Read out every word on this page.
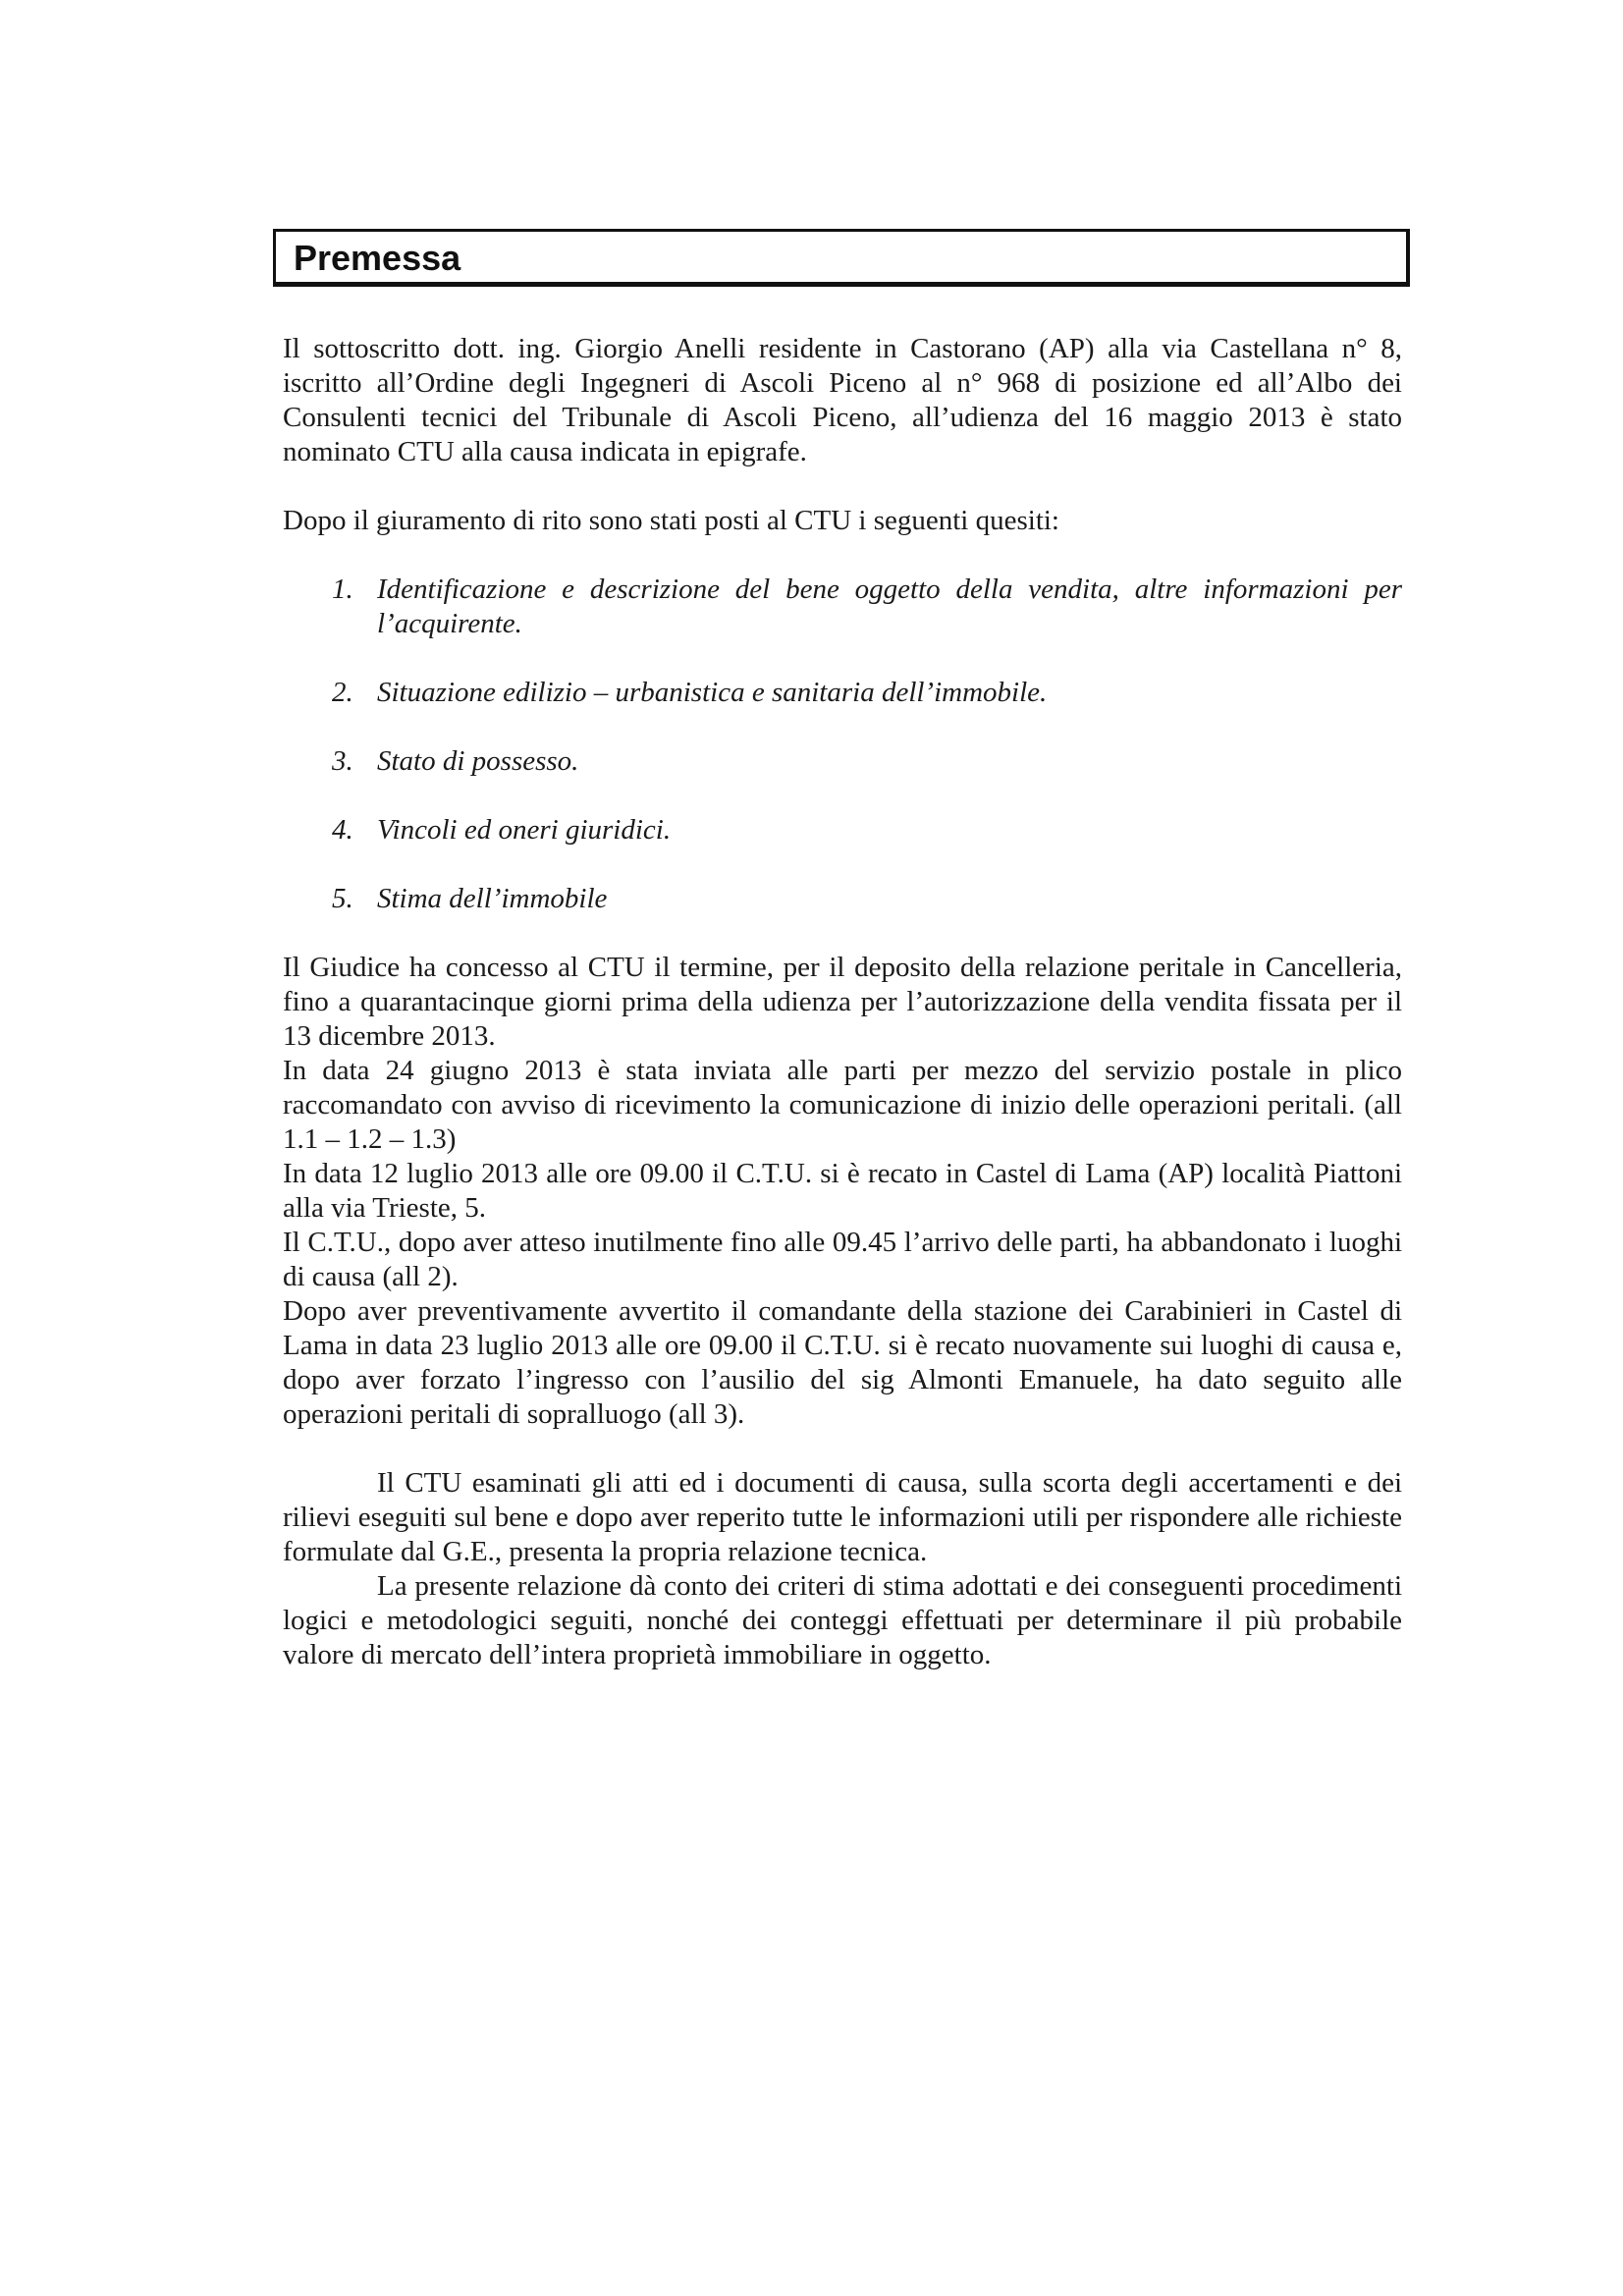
Premessa

Il sottoscritto dott. ing. Giorgio Anelli residente in Castorano (AP) alla via Castellana n° 8, iscritto all’Ordine degli Ingegneri di Ascoli Piceno al n° 968 di posizione ed all’Albo dei Consulenti tecnici del Tribunale di Ascoli Piceno, all’udienza del 16 maggio 2013 è stato nominato CTU alla causa indicata in epigrafe.

Dopo il giuramento di rito sono stati posti al CTU i seguenti quesiti:

1. Identificazione e descrizione del bene oggetto della vendita, altre informazioni per l’acquirente.
2. Situazione edilizio – urbanistica e sanitaria dell’immobile.
3. Stato di possesso.
4. Vincoli ed oneri giuridici.
5. Stima dell’immobile

Il Giudice ha concesso al CTU il termine, per il deposito della relazione peritale in Cancelleria, fino a quarantacinque giorni prima della udienza per l’autorizzazione della vendita fissata per il 13 dicembre 2013.

In data 24 giugno 2013 è stata inviata alle parti per mezzo del servizio postale in plico raccomandato con avviso di ricevimento la comunicazione di inizio delle operazioni peritali. (all 1.1 – 1.2 – 1.3)

In data 12 luglio 2013 alle ore 09.00 il C.T.U. si è recato in Castel di Lama (AP) località Piattoni alla via Trieste, 5.

Il C.T.U., dopo aver atteso inutilmente fino alle 09.45 l’arrivo delle parti, ha abbandonato i luoghi di causa (all 2).

Dopo aver preventivamente avvertito il comandante della stazione dei Carabinieri in Castel di Lama in data 23 luglio 2013 alle ore 09.00 il C.T.U. si è recato nuovamente sui luoghi di causa e, dopo aver forzato l’ingresso con l’ausilio del sig Almonti Emanuele, ha dato seguito alle operazioni peritali di sopralluogo (all 3).

Il CTU esaminati gli atti ed i documenti di causa, sulla scorta degli accertamenti e dei rilievi eseguiti sul bene e dopo aver reperito tutte le informazioni utili per rispondere alle richieste formulate dal G.E., presenta la propria relazione tecnica.

La presente relazione dà conto dei criteri di stima adottati e dei conseguenti procedimenti logici e metodologici seguiti, nonché dei conteggi effettuati per determinare il più probabile valore di mercato dell’intera proprietà immobiliare in oggetto.
